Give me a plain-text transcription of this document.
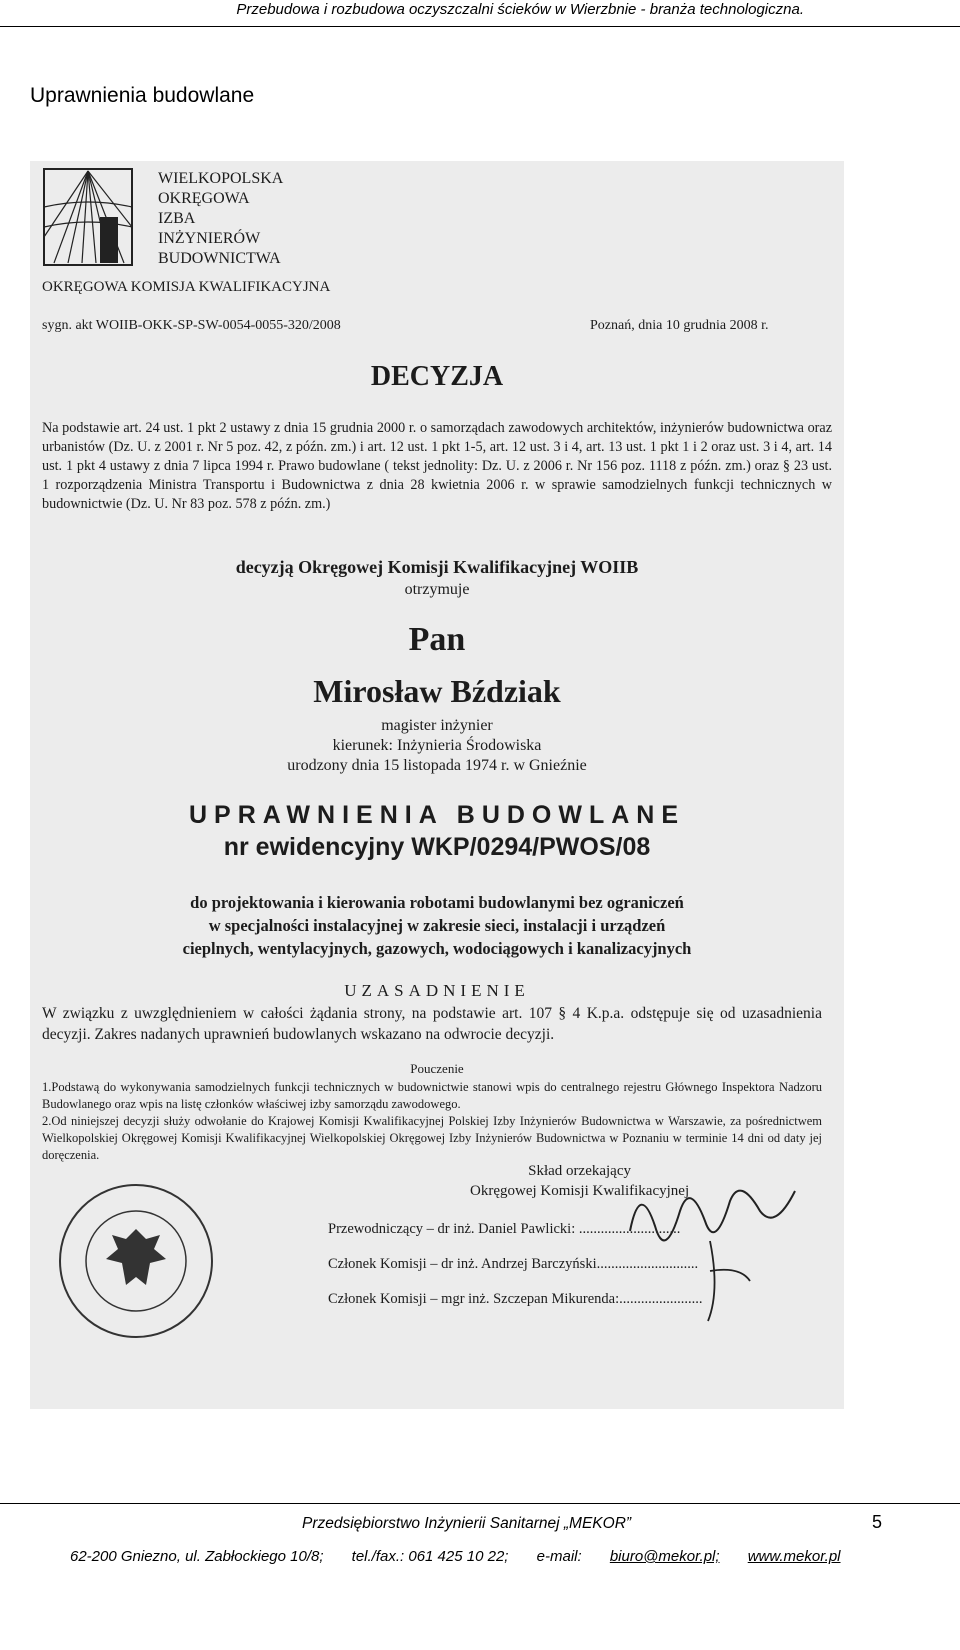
Przebudowa i rozbudowa oczyszczalni ścieków w Wierzbnie - branża technologiczna.
Uprawnienia budowlane
WIELKOPOLSKA
OKRĘGOWA
IZBA
INŻYNIERÓW
BUDOWNICTWA
OKRĘGOWA KOMISJA KWALIFIKACYJNA
sygn. akt WOIIB-OKK-SP-SW-0054-0055-320/2008	Poznań, dnia 10 grudnia 2008 r.
DECYZJA
Na podstawie art. 24 ust. 1 pkt 2 ustawy z dnia 15 grudnia 2000 r. o samorządach zawodowych architektów, inżynierów budownictwa oraz urbanistów (Dz. U. z 2001 r. Nr 5 poz. 42, z późn. zm.) i art. 12 ust. 1 pkt 1-5, art. 12 ust. 3 i 4, art. 13 ust. 1 pkt 1 i 2 oraz ust. 3 i 4, art. 14 ust. 1 pkt 4 ustawy z dnia 7 lipca 1994 r. Prawo budowlane ( tekst jednolity: Dz. U. z 2006 r. Nr 156 poz. 1118 z późn. zm.) oraz § 23 ust. 1 rozporządzenia Ministra Transportu i Budownictwa z dnia 28 kwietnia 2006 r. w sprawie samodzielnych funkcji technicznych w budownictwie (Dz. U. Nr 83 poz. 578 z późn. zm.)
decyzją Okręgowej Komisji Kwalifikacyjnej WOIIB
otrzymuje
Pan
Mirosław Bździak
magister inżynier
kierunek: Inżynieria Środowiska
urodzony dnia 15 listopada 1974 r. w Gnieźnie
UPRAWNIENIA BUDOWLANE
nr ewidencyjny WKP/0294/PWOS/08
do projektowania i kierowania robotami budowlanymi bez ograniczeń
w specjalności instalacyjnej w zakresie sieci, instalacji i urządzeń
cieplnych, wentylacyjnych, gazowych, wodociągowych i kanalizacyjnych
UZASADNIENIE
W związku z uwzględnieniem w całości żądania strony, na podstawie art. 107 § 4 K.p.a. odstępuje się od uzasadnienia decyzji. Zakres nadanych uprawnień budowlanych wskazano na odwrocie decyzji.
Pouczenie

1.Podstawą do wykonywania samodzielnych funkcji technicznych w budownictwie stanowi wpis do centralnego rejestru Głównego Inspektora Nadzoru Budowlanego oraz wpis na listę członków właściwej izby samorządu zawodowego.

2.Od niniejszej decyzji służy odwołanie do Krajowej Komisji Kwalifikacyjnej Polskiej Izby Inżynierów Budownictwa w Warszawie, za pośrednictwem Wielkopolskiej Okręgowej Komisji Kwalifikacyjnej Wielkopolskiej Okręgowej Izby Inżynierów Budownictwa w Poznaniu w terminie 14 dni od daty jej doręczenia.

Skład orzekający
Okręgowej Komisji Kwalifikacyjnej
Przewodniczący – dr inż. Daniel Pawlicki: ............................
Członek Komisji – dr inż. Andrzej Barczyński............................
Członek Komisji – mgr inż. Szczepan Mikurenda:.......................
Przedsiębiorstwo Inżynierii Sanitarnej „MEKOR”	5
62-200 Gniezno, ul. Zabłockiego 10/8; tel./fax.: 061 425 10 22; e-mail: biuro@mekor.pl; www.mekor.pl
